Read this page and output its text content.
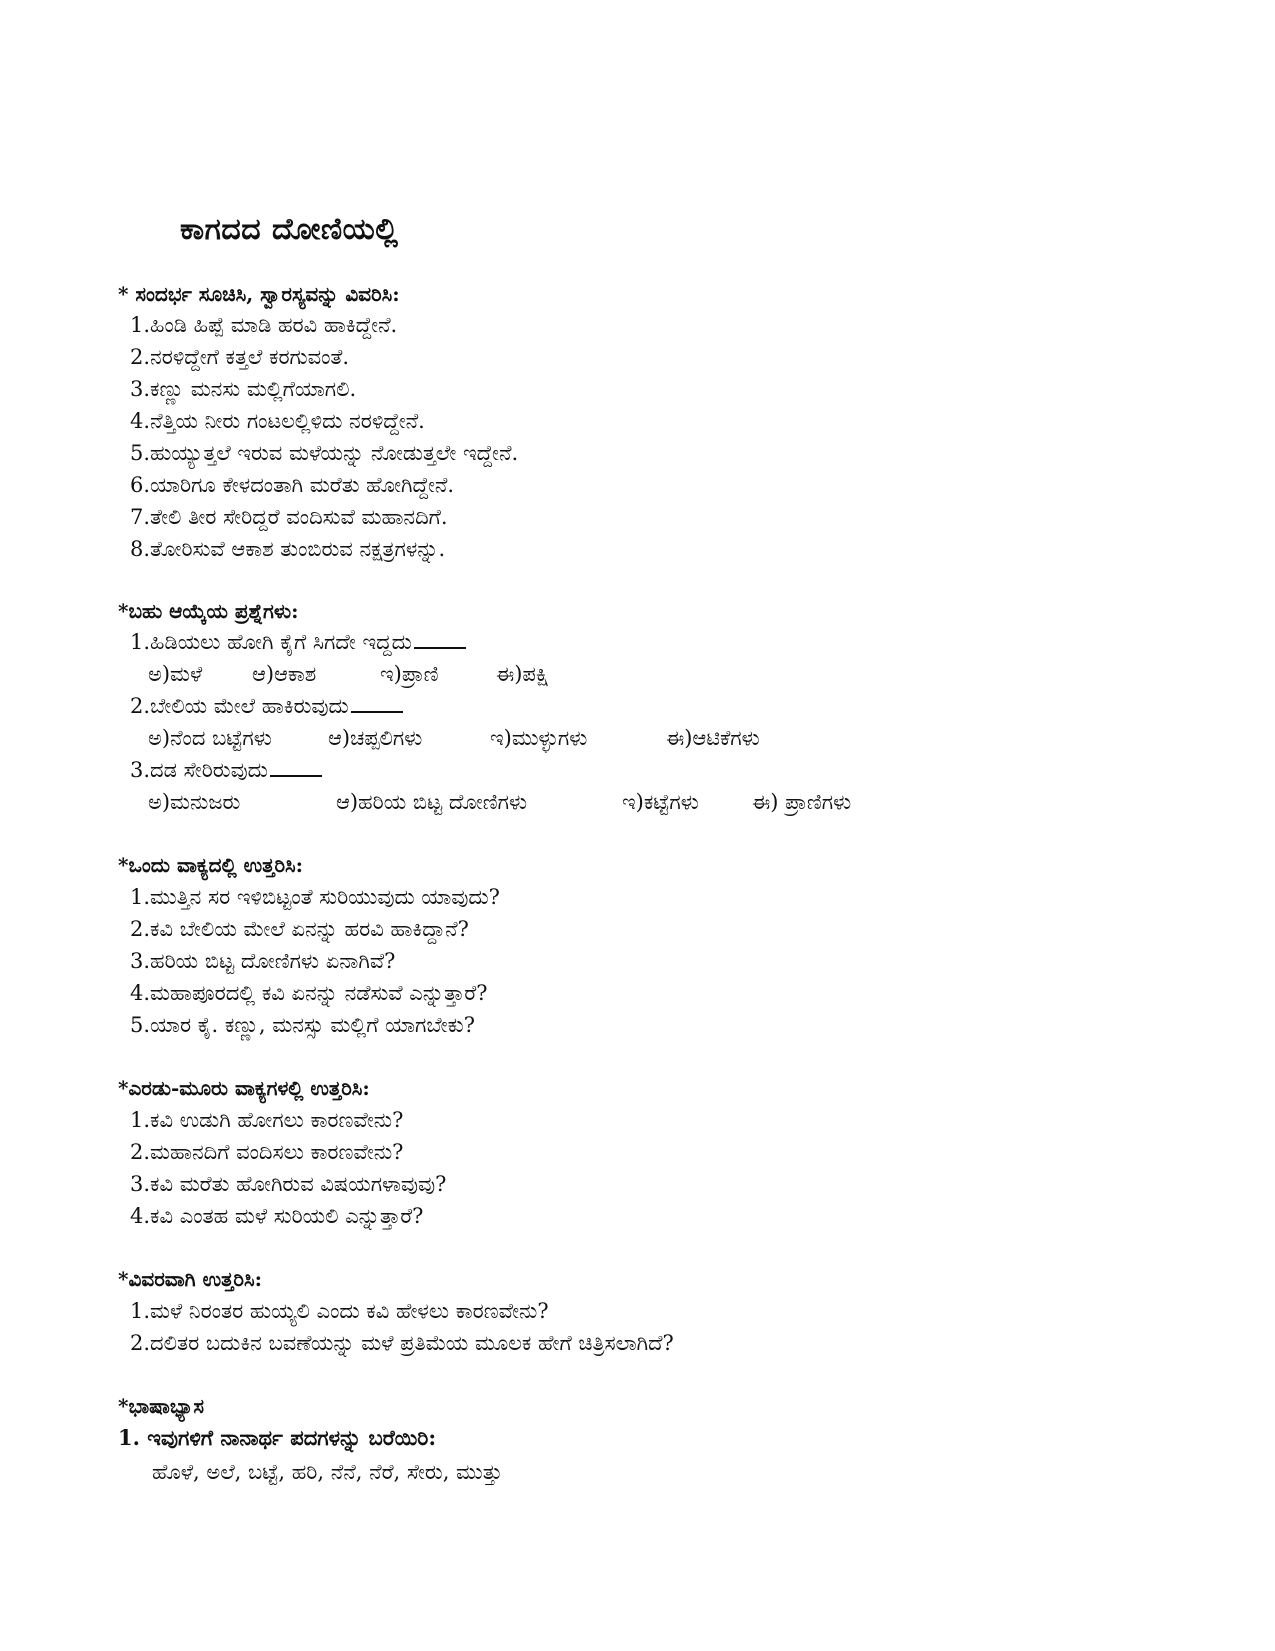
ಕಾಗದದ ದೋಣಿಯಲ್ಲಿ

* ಸಂದರ್ಭ ಸೂಚಿಸಿ, ಸ್ವಾರಸ್ಯವನ್ನು ವಿವರಿಸಿ:

1.ಹಿಂಡಿ ಹಿಪ್ಪೆ ಮಾಡಿ ಹರವಿ ಹಾಕಿದ್ದೇನೆ.

2.ನರಳಿದ್ದೇಗೆ ಕತ್ತಲೆ ಕರಗುವಂತೆ.

3.ಕಣ್ಣು ಮನಸು ಮಲ್ಲಿಗೆಯಾಗಲಿ.

4.ನೆತ್ತಿಯ ನೀರು ಗಂಟಲಲ್ಲಿಳಿದು ನರಳಿದ್ದೇನೆ.

5.ಹುಯ್ಯುತ್ತಲೆ ಇರುವ ಮಳೆಯನ್ನು ನೋಡುತ್ತಲೇ ಇದ್ದೇನೆ.

6.ಯಾರಿಗೂ ಕೇಳದಂತಾಗಿ ಮರೆತು ಹೋಗಿದ್ದೇನೆ.

7.ತೇಲಿ ತೀರ ಸೇರಿದ್ದರೆ ವಂದಿಸುವೆ ಮಹಾನದಿಗೆ.

8.ತೋರಿಸುವೆ ಆಕಾಶ ತುಂಬಿರುವ ನಕ್ಷತ್ರಗಳನ್ನು.

*ಬಹು ಆಯ್ಕೆಯ ಪ್ರಶ್ನೆಗಳು:

1.ಹಿಡಿಯಲು ಹೋಗಿ ಕೈಗೆ ಸಿಗದೇ ಇದ್ದದು

ಅ)ಮಳೆ ಆ)ಆಕಾಶ	ಇ)ಪ್ರಾಣಿ	ಈ)ಪಕ್ಷಿ

2.ಬೇಲಿಯ ಮೇಲೆ ಹಾಕಿರುವುದು

ಅ)ನೆಂದ ಬಟ್ಟೆಗಳು	ಆ)ಚಪ್ಪಲಿಗಳು	ಇ)ಮುಳ್ಳುಗಳು	ಈ)ಆಟಿಕೆಗಳು

3.ದಡ ಸೇರಿರುವುದು

ಅ)ಮನುಜರು	ಆ)ಹರಿಯ ಬಿಟ್ಟ ದೋಣಿಗಳು	ಇ)ಕಟ್ಟೆಗಳು	ಈ) ಪ್ರಾಣಿಗಳು

*ಒಂದು ವಾಕ್ಯದಲ್ಲಿ ಉತ್ತರಿಸಿ:

1.ಮುತ್ತಿನ ಸರ ಇಳಿಬಿಟ್ಟಂತೆ ಸುರಿಯುವುದು ಯಾವುದು?

2.ಕವಿ ಬೇಲಿಯ ಮೇಲೆ ಏನನ್ನು ಹರವಿ ಹಾಕಿದ್ದಾನೆ?

3.ಹರಿಯ ಬಿಟ್ಟ ದೋಣಿಗಳು ಏನಾಗಿವೆ?

4.ಮಹಾಪೂರದಲ್ಲಿ ಕವಿ ಏನನ್ನು ನಡೆಸುವೆ ಎನ್ನುತ್ತಾರೆ?

5.ಯಾರ ಕೈ. ಕಣ್ಣು, ಮನಸ್ಸು ಮಲ್ಲಿಗೆ ಯಾಗಬೇಕು?

*ಎರಡು-ಮೂರು ವಾಕ್ಯಗಳಲ್ಲಿ ಉತ್ತರಿಸಿ:

1.ಕವಿ ಉಡುಗಿ ಹೋಗಲು ಕಾರಣವೇನು?

2.ಮಹಾನದಿಗೆ ವಂದಿಸಲು ಕಾರಣವೇನು?

3.ಕವಿ ಮರೆತು ಹೋಗಿರುವ ವಿಷಯಗಳಾವುವು?

4.ಕವಿ ಎಂತಹ ಮಳೆ ಸುರಿಯಲಿ ಎನ್ನುತ್ತಾರೆ?

*ವಿವರವಾಗಿ ಉತ್ತರಿಸಿ:

1.ಮಳೆ ನಿರಂತರ ಹುಯ್ಯಲಿ ಎಂದು ಕವಿ ಹೇಳಲು ಕಾರಣವೇನು?

2.ದಲಿತರ ಬದುಕಿನ ಬವಣೆಯನ್ನು ಮಳೆ ಪ್ರತಿಮೆಯ ಮೂಲಕ ಹೇಗೆ ಚಿತ್ರಿಸಲಾಗಿದೆ?

*ಭಾಷಾಭ್ಯಾಸ

1. ಇವುಗಳಿಗೆ ನಾನಾರ್ಥ ಪದಗಳನ್ನು ಬರೆಯಿರಿ:

ಹೊಳೆ, ಅಲೆ, ಬಟ್ಟೆ, ಹರಿ, ನೆನೆ, ನೆರೆ, ಸೇರು, ಮುತ್ತು
